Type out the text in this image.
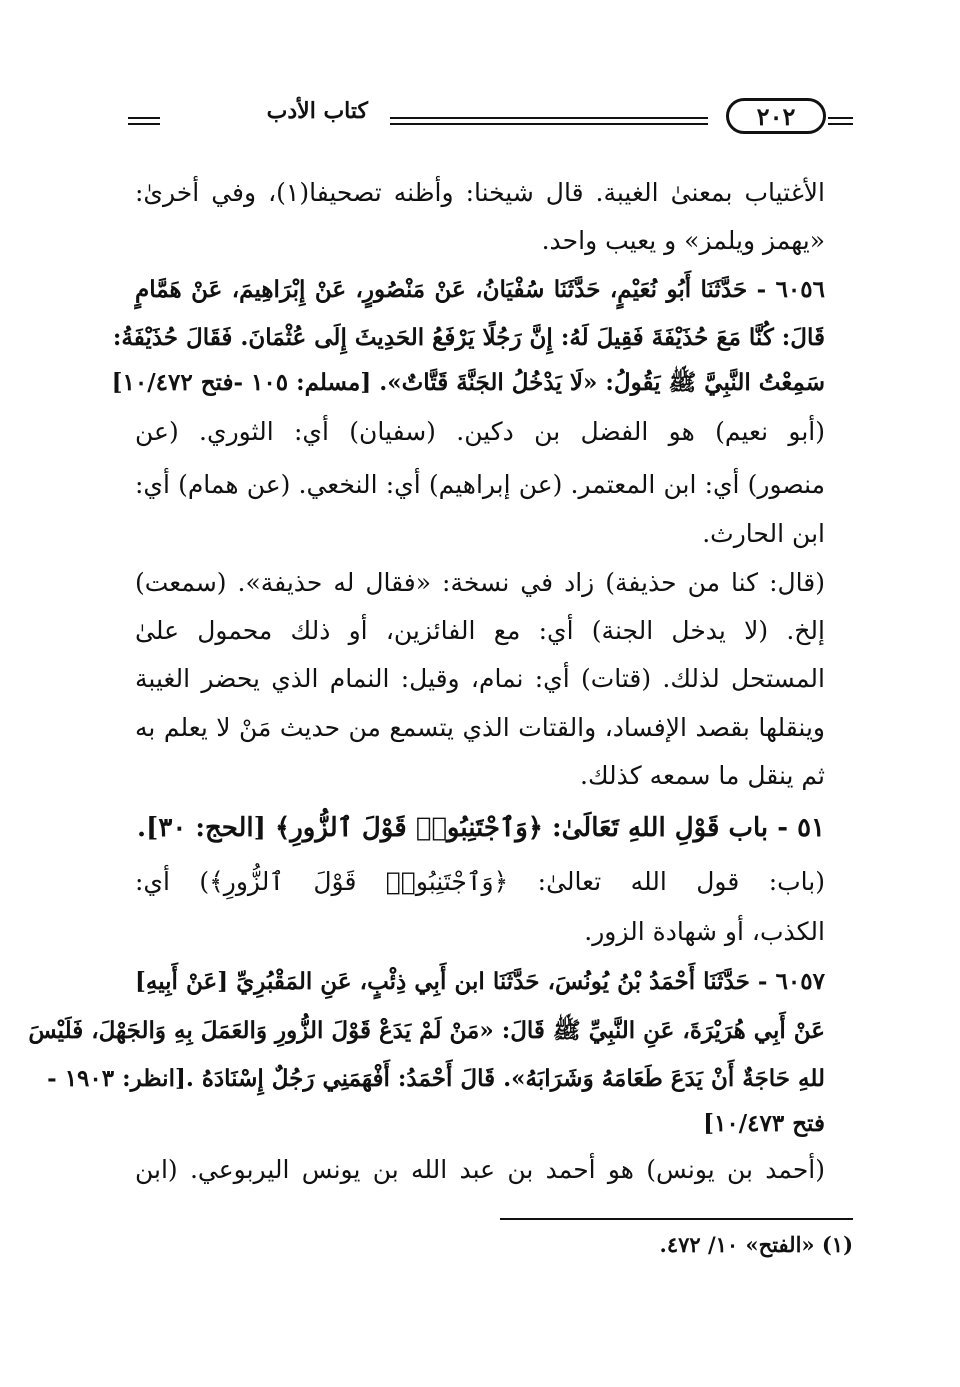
كتاب الأدب	٢٠٢
الأغتياب بمعنىٰ الغيبة. قال شيخنا: وأظنه تصحيفا(١)، وفي أخرىٰ:
«يهمز ويلمز» و يعيب واحد.
٦٠٥٦ - حَدَّثَنَا أَبُو نُعَيْمٍ، حَدَّثَنَا سُفْيَانُ، عَنْ مَنْصُورٍ، عَنْ إِبْرَاهِيمَ، عَنْ هَمَّامٍ
قَالَ: كُنَّا مَعَ حُذَيْفَةَ فَقِيلَ لَهُ: إِنَّ رَجُلًا يَرْفَعُ الحَدِيثَ إِلَى عُثْمَانَ. فَقَالَ حُذَيْفَةُ:
سَمِعْتُ النَّبِيَّ ﷺ يَقُولُ: «لَا يَدْخُلُ الجَنَّةَ قَتَّاتٌ». [مسلم: ١٠٥ -فتح ١٠/٤٧٢]
(أبو نعيم) هو الفضل بن دكين. (سفيان) أي: الثوري. (عن
منصور) أي: ابن المعتمر. (عن إبراهيم) أي: النخعي. (عن همام) أي:
ابن الحارث.
(قال: كنا من حذيفة) زاد في نسخة: «فقال له حذيفة». (سمعت)
إلخ. (لا يدخل الجنة) أي: مع الفائزين، أو ذلك محمول علىٰ
المستحل لذلك. (قتات) أي: نمام، وقيل: النمام الذي يحضر الغيبة
وينقلها بقصد الإفساد، والقتات الذي يتسمع من حديث مَنْ لا يعلم به
ثم ينقل ما سمعه كذلك.
٥١ - باب قَوْلِ اللهِ تَعَالَىٰ: ﴿وَٱجْتَنِبُوا۟ قَوْلَ ٱلزُّورِ﴾ [الحج: ٣٠].
(باب: قول الله تعالىٰ: ﴿وَٱجْتَنِبُوا۟ قَوْلَ ٱلزُّورِ﴾) أي:
الكذب، أو شهادة الزور.
٦٠٥٧ - حَدَّثَنَا أَحْمَدُ بْنُ يُونُسَ، حَدَّثَنَا ابن أَبِي ذِئْبٍ، عَنِ المَقْبُرِيِّ [عَنْ أَبِيهِ]
عَنْ أَبِي هُرَيْرَةَ، عَنِ النَّبِيِّ ﷺ قَالَ: «مَنْ لَمْ يَدَعْ قَوْلَ الزُّورِ وَالعَمَلَ بِهِ وَالجَهْلَ، فَلَيْسَ
للهِ حَاجَةٌ أَنْ يَدَعَ طَعَامَهُ وَشَرَابَهُ». قَالَ أَحْمَدُ: أَفْهَمَنِي رَجُلٌ إِسْنَادَهُ .[انظر: ١٩٠٣ -
فتح ١٠/٤٧٣]
(أحمد بن يونس) هو أحمد بن عبد الله بن يونس اليربوعي. (ابن
(١) «الفتح» ١٠/ ٤٧٢.
